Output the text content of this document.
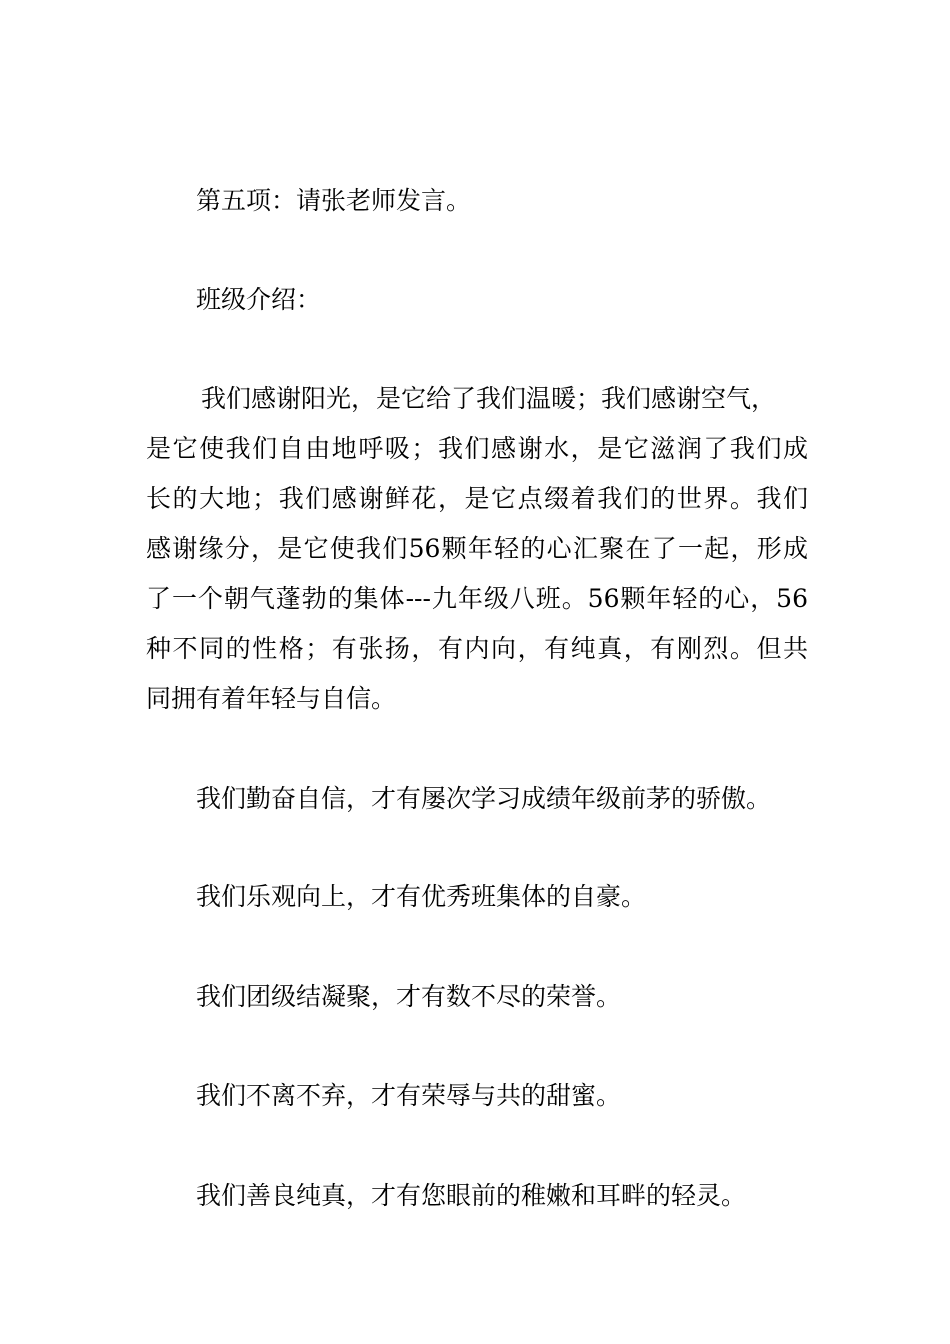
第五项：请张老师发言。
班级介绍：
我们感谢阳光，是它给了我们温暖；我们感谢空气，
是它使我们自由地呼吸；我们感谢水，是它滋润了我们成
长的大地；我们感谢鲜花，是它点缀着我们的世界。我们
感谢缘分，是它使我们56颗年轻的心汇聚在了一起，形成
了一个朝气蓬勃的集体---九年级八班。56颗年轻的心，56
种不同的性格；有张扬，有内向，有纯真，有刚烈。但共
同拥有着年轻与自信。
我们勤奋自信，才有屡次学习成绩年级前茅的骄傲。
我们乐观向上，才有优秀班集体的自豪。
我们团级结凝聚，才有数不尽的荣誉。
我们不离不弃，才有荣辱与共的甜蜜。
我们善良纯真，才有您眼前的稚嫩和耳畔的轻灵。
